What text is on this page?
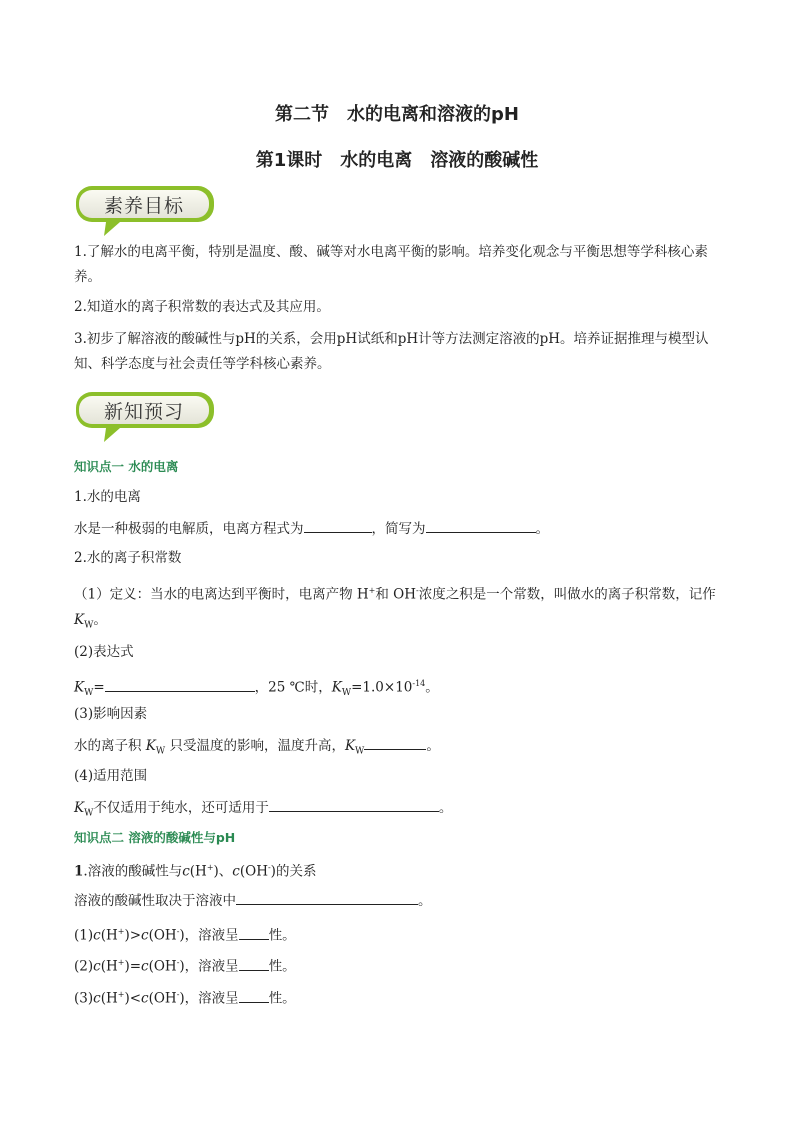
第二节　水的电离和溶液的pH
第1课时　水的电离　溶液的酸碱性
素养目标
1.了解水的电离平衡，特别是温度、酸、碱等对水电离平衡的影响。培养变化观念与平衡思想等学科核心素养。
2.知道水的离子积常数的表达式及其应用。
3.初步了解溶液的酸碱性与pH的关系，会用pH试纸和pH计等方法测定溶液的pH。培养证据推理与模型认知、科学态度与社会责任等学科核心素养。
新知预习
知识点一 水的电离
1.水的电离
水是一种极弱的电解质，电离方程式为	，简写为	。
2.水的离子积常数
（1）定义：当水的电离达到平衡时，电离产物 H+和 OH-浓度之积是一个常数，叫做水的离子积常数，记作 $K_W$。
(2)表达式
$K_W=$	，25 ℃时，$K_W=1.0\times 10^{-14}$。
(3)影响因素
水的离子积 $K_W$ 只受温度的影响，温度升高，$K_W$	。
(4)适用范围
$K_W$不仅适用于纯水，还可适用于	。
知识点二 溶液的酸碱性与pH
1.溶液的酸碱性与c(H+)、c(OH-)的关系
溶液的酸碱性取决于溶液中	。
(1)c(H+)>c(OH-)，溶液呈 性。
(2)c(H+)=c(OH-)，溶液呈 性。
(3)c(H+)<c(OH-)，溶液呈 性。
